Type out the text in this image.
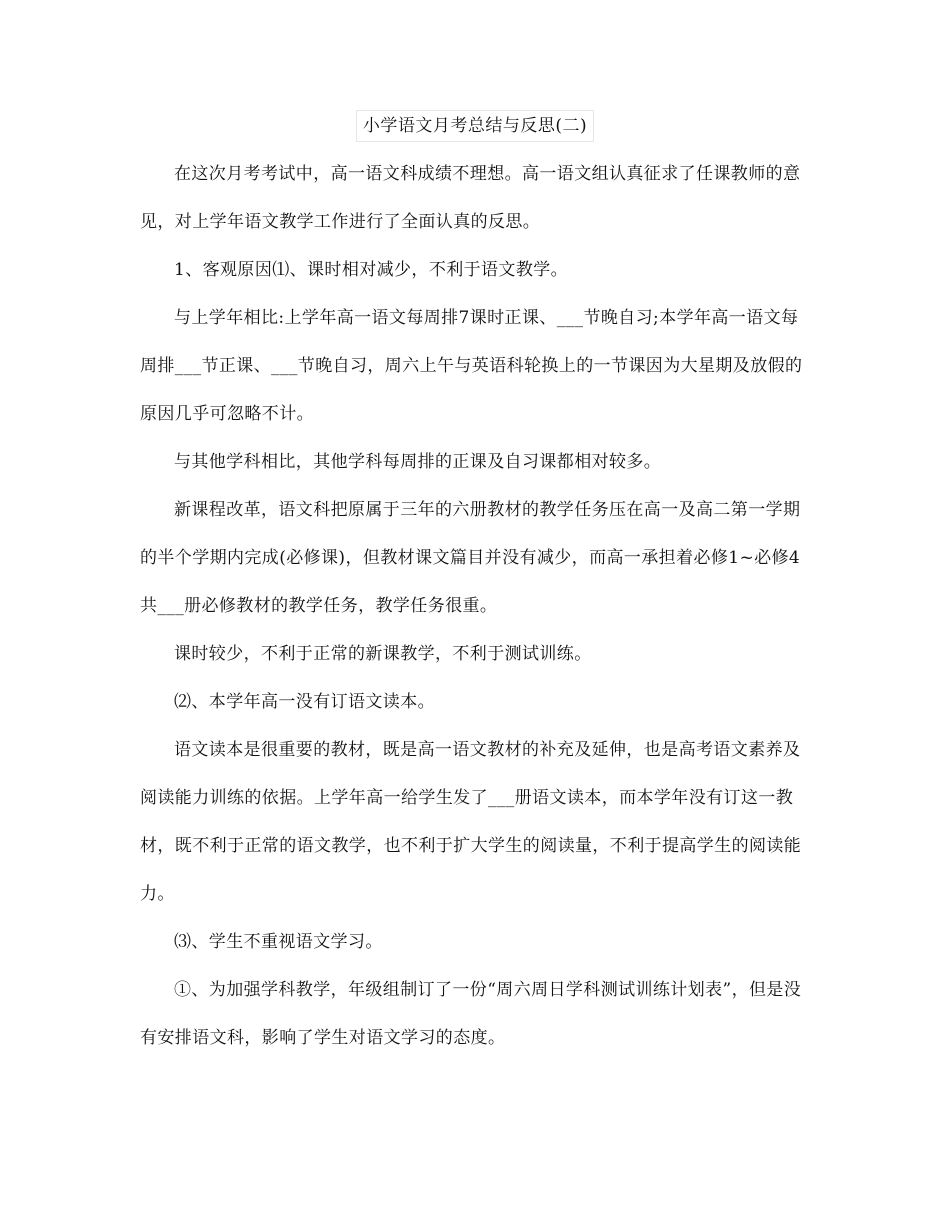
小学语文月考总结与反思(二)

在这次月考考试中，高一语文科成绩不理想。高一语文组认真征求了任课教师的意见，对上学年语文教学工作进行了全面认真的反思。

1、客观原因⑴、课时相对减少，不利于语文教学。

与上学年相比:上学年高一语文每周排7课时正课、___节晚自习;本学年高一语文每周排___节正课、___节晚自习，周六上午与英语科轮换上的一节课因为大星期及放假的原因几乎可忽略不计。

与其他学科相比，其他学科每周排的正课及自习课都相对较多。

新课程改革，语文科把原属于三年的六册教材的教学任务压在高一及高二第一学期的半个学期内完成(必修课)，但教材课文篇目并没有减少，而高一承担着必修1~必修4共___册必修教材的教学任务，教学任务很重。

课时较少，不利于正常的新课教学，不利于测试训练。

⑵、本学年高一没有订语文读本。

语文读本是很重要的教材，既是高一语文教材的补充及延伸，也是高考语文素养及阅读能力训练的依据。上学年高一给学生发了___册语文读本，而本学年没有订这一教材，既不利于正常的语文教学，也不利于扩大学生的阅读量，不利于提高学生的阅读能力。

⑶、学生不重视语文学习。

①、为加强学科教学，年级组制订了一份“周六周日学科测试训练计划表”，但是没有安排语文科，影响了学生对语文学习的态度。
